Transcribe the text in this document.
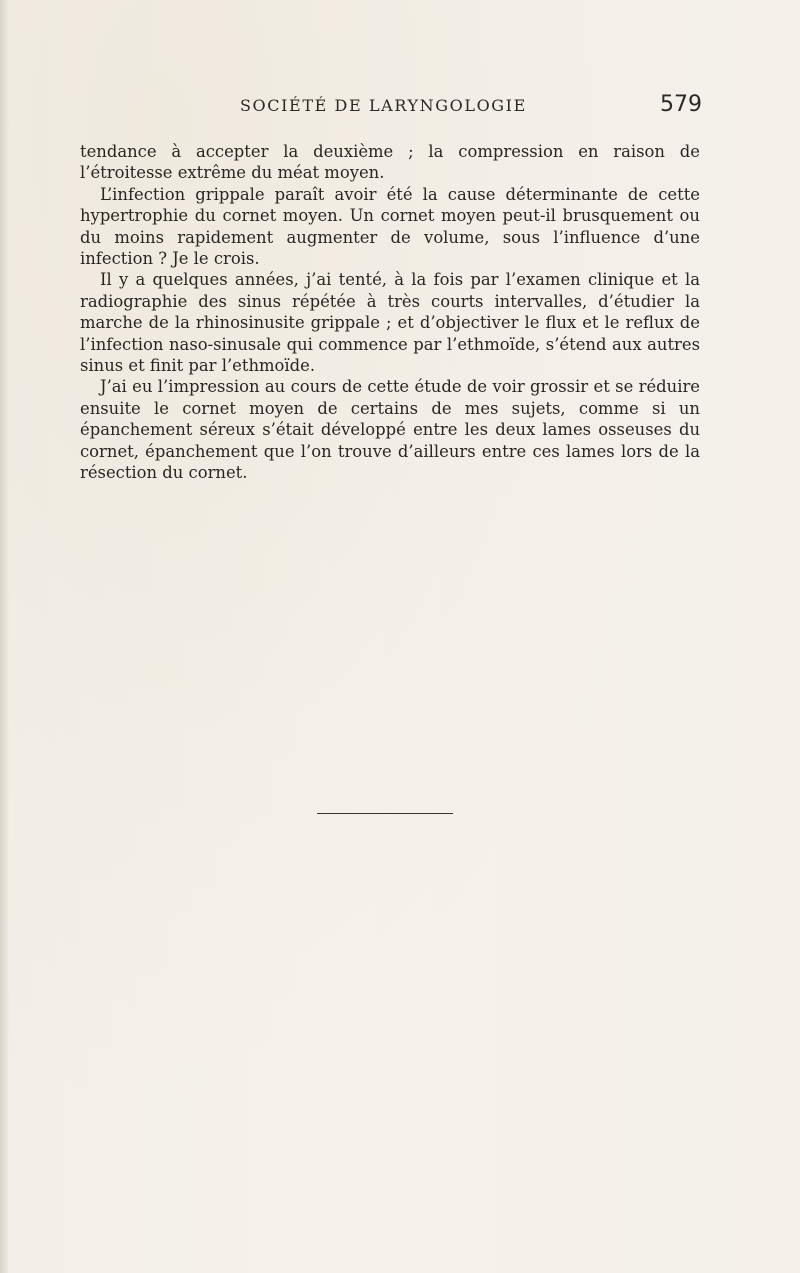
SOCIÉTÉ DE LARYNGOLOGIE	579

tendance à accepter la deuxième ; la compression en raison de l’étroitesse extrême du méat moyen.

L’infection grippale paraît avoir été la cause déterminante de cette hypertrophie du cornet moyen. Un cornet moyen peut-il brusquement ou du moins rapidement augmenter de volume, sous l’influence d’une infection ? Je le crois.

Il y a quelques années, j’ai tenté, à la fois par l’examen clinique et la radiographie des sinus répétée à très courts intervalles, d’étudier la marche de la rhinosinusite grippale ; et d’objectiver le flux et le reflux de l’infection naso-sinusale qui commence par l’ethmoïde, s’étend aux autres sinus et finit par l’ethmoïde.

J’ai eu l’impression au cours de cette étude de voir grossir et se réduire ensuite le cornet moyen de certains de mes sujets, comme si un épanchement séreux s’était développé entre les deux lames osseuses du cornet, épanchement que l’on trouve d’ailleurs entre ces lames lors de la résection du cornet.
